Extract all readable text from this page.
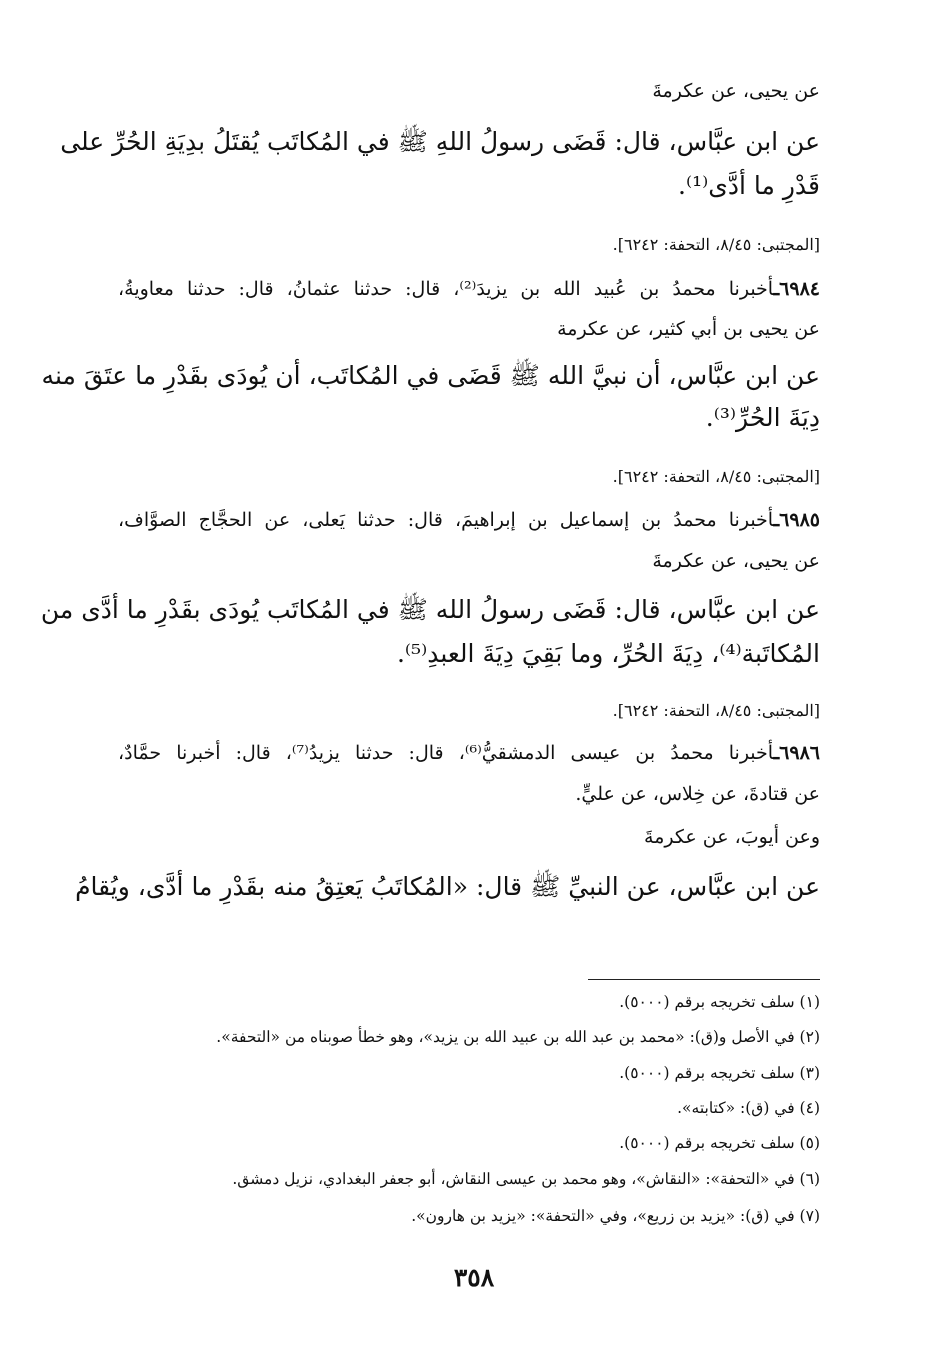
عن يحيى، عن عكرمةَ
عن ابن عبَّاس، قال: قَضَى رسولُ اللهِ ﷺ في المُكاتَب يُقتَلُ بدِيَةِ الحُرِّ على
قَدْرِ ما أدَّى⁽¹⁾.
[المجتبى: ٨/٤٥، التحفة: ٦٢٤٢].
٦٩٨٤ـأخبرنا محمدُ بن عُبيد الله بن يزيدَ⁽²⁾، قال: حدثنا عثمانُ، قال: حدثنا معاويةُ،
عن يحيى بن أبي كثير، عن عكرمة
عن ابن عبَّاس، أن نبيَّ الله ﷺ قَضَى في المُكاتَب، أن يُودَى بقَدْرِ ما عتَقَ منه
دِيَةَ الحُرِّ⁽³⁾.
[المجتبى: ٨/٤٥، التحفة: ٦٢٤٢].
٦٩٨٥ـأخبرنا محمدُ بن إسماعيل بن إبراهيمَ، قال: حدثنا يَعلى، عن الحجَّاج الصوَّاف،
عن يحيى، عن عكرمةَ
عن ابن عبَّاس، قال: قَضَى رسولُ الله ﷺ في المُكاتَب يُودَى بقَدْرِ ما أدَّى من
المُكاتَبة⁽⁴⁾، دِيَةَ الحُرِّ، وما بَقِيَ دِيَةَ العبدِ⁽⁵⁾.
[المجتبى: ٨/٤٥، التحفة: ٦٢٤٢].
٦٩٨٦ـأخبرنا محمدُ بن عيسى الدمشقيُّ⁽⁶⁾، قال: حدثنا يزيدُ⁽⁷⁾، قال: أخبرنا حمَّادٌ،
عن قتادةَ، عن خِلاس، عن عليٍّ.
وعن أيوبَ، عن عكرمةَ
عن ابن عبَّاس، عن النبيِّ ﷺ قال: «المُكاتَبُ يَعتِقُ منه بقَدْرِ ما أدَّى، ويُقامُ
(١) سلف تخريجه برقم (٥٠٠٠).
(٢) في الأصل و(ق): «محمد بن عبد الله بن عبيد الله بن يزيد»، وهو خطأ صوبناه من «التحفة».
(٣) سلف تخريجه برقم (٥٠٠٠).
(٤) في (ق): «كتابته».
(٥) سلف تخريجه برقم (٥٠٠٠).
(٦) في «التحفة»: «النقاش»، وهو محمد بن عيسى النقاش، أبو جعفر البغدادي، نزيل دمشق.
(٧) في (ق): «يزيد بن زريع»، وفي «التحفة»: «يزيد بن هارون».
٣٥٨
